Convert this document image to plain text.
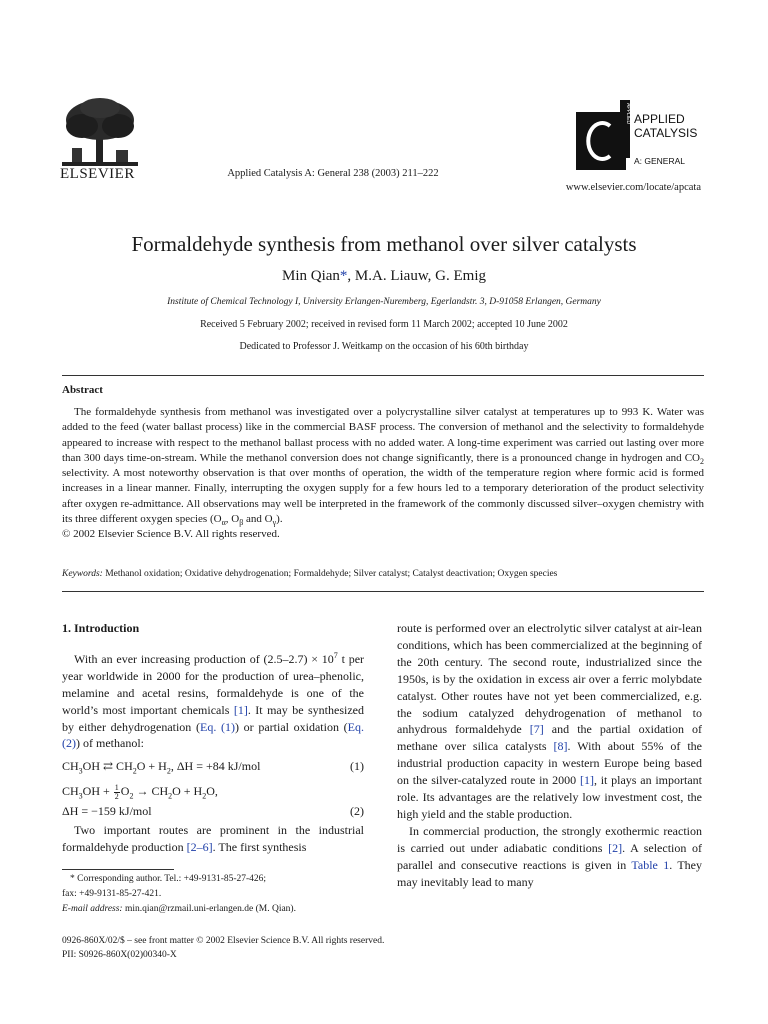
ELSEVIER	Applied Catalysis A: General 238 (2003) 211–222
APPLIED APPLIED
CATALYSIS
A: GENERAL
www.elsevier.com/locate/apcata
Formaldehyde synthesis from methanol over silver catalysts
Min Qian*, M.A. Liauw, G. Emig
Institute of Chemical Technology I, University Erlangen-Nuremberg, Egerlandstr. 3, D-91058 Erlangen, Germany
Received 5 February 2002; received in revised form 11 March 2002; accepted 10 June 2002
Dedicated to Professor J. Weitkamp on the occasion of his 60th birthday
Abstract

The formaldehyde synthesis from methanol was investigated over a polycrystalline silver catalyst at temperatures up to 993 K. Water was added to the feed (water ballast process) like in the commercial BASF process. The conversion of methanol and the selectivity to formaldehyde appeared to increase with respect to the methanol ballast process with no added water. A long-time experiment was carried out lasting over more than 300 days time-on-stream. While the methanol conversion does not change significantly, there is a pronounced change in hydrogen and $CO_2$ selectivity. A most noteworthy observation is that over months of operation, the width of the temperature region where formic acid is formed increases in a linear manner. Finally, interrupting the oxygen supply for a few hours led to a temporary deterioration of the product selectivity after oxygen re-admittance. All observations may well be interpreted in the framework of the commonly discussed silver–oxygen chemistry with its three different oxygen species ($O_\alpha$, $O_\beta$ and $O_\gamma$).

© 2002 Elsevier Science B.V. All rights reserved.

Keywords: Methanol oxidation; Oxidative dehydrogenation; Formaldehyde; Silver catalyst; Catalyst deactivation; Oxygen species

1. Introduction

With an ever increasing production of $(2.5-2.7) \times 10^7$ t per year worldwide in 2000 for the production of urea–phenolic, melamine and acetal resins, formaldehyde is one of the world’s most important chemicals [1]. It may be synthesized by either dehydrogenation (Eq. (1)) or partial oxidation (Eq. (2)) of methanol:

$CH_3OH$ ⇄ $CH_2O + H_2$, ΔH = +84 kJ/mol	(1)

$CH_3OH + \frac{1}{2} O_2 \to CH_2O + H_2O$,

ΔH = −159 kJ/mol	(2)

Two important routes are prominent in the industrial formaldehyde production [2–6]. The first synthesis

route is performed over an electrolytic silver catalyst at air-lean conditions, which has been commercialized at the beginning of the 20th century. The second route, industrialized since the 1950s, is by the oxidation in excess air over a ferric molybdate catalyst. Other routes have not yet been commercialized, e.g. the sodium catalyzed dehydrogenation of methanol to anhydrous formaldehyde [7] and the partial oxidation of methane over silica catalysts [8]. With about 55% of the industrial production capacity in western Europe being based on the silver-catalyzed route in 2000 [1], it plays an important role. Its advantages are the relatively low investment cost, the high yield and the stable production.

In commercial production, the strongly exothermic reaction is carried out under adiabatic conditions [2]. A selection of parallel and consecutive reactions is given in Table 1. They may inevitably lead to many

* Corresponding author. Tel.: +49-9131-85-27-426;

fax: +49-9131-85-27-421.

E-mail address: min.qian@rzmail.uni-erlangen.de (M. Qian).

0926-860X/02/$ – see front matter © 2002 Elsevier Science B.V. All rights reserved.

PII: S0926-860X(02)00340-X
